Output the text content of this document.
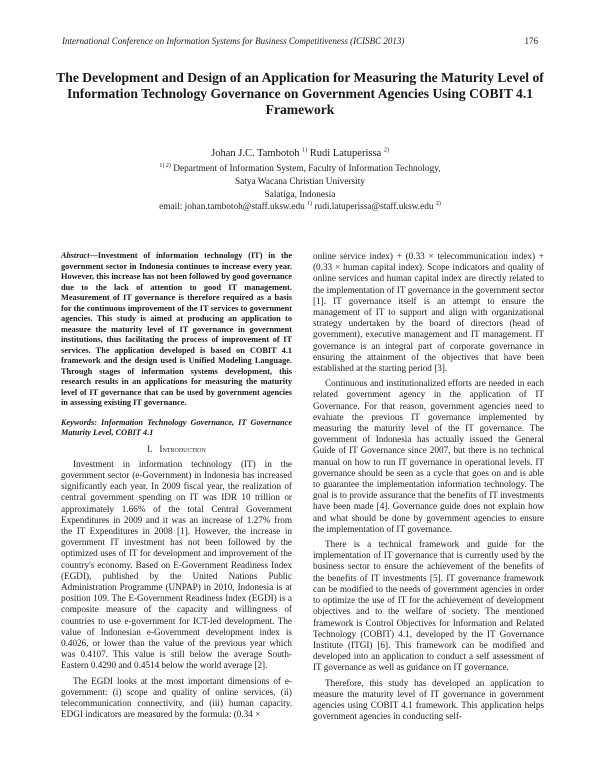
International Conference on Information Systems for Business Competitiveness (ICISBC 2013)	176
The Development and Design of an Application for Measuring the Maturity Level of Information Technology Governance on Government Agencies Using COBIT 4.1 Framework
Johan J.C. Tambotoh $^{1)}$ Rudi Latuperissa $^{2)}$
$^{1) 2)}$ Department of Information System, Faculty of Information Technology,
Satya Wacana Christian University
Salatiga, Indonesia
email: johan.tambotoh@staff.uksw.edu $^{1)}$ rudi.latuperissa@staff.uksw.edu $^{2)}$

Abstract—Investment of information technology (IT) in the government sector in Indonesia continues to increase every year. However, this increase has not been followed by good governance due to the lack of attention to good IT management. Measurement of IT governance is therefore required as a basis for the continuous improvement of the IT services to government agencies. This study is aimed at producing an application to measure the maturity level of IT governance in government institutions, thus facilitating the process of improvement of IT services. The application developed is based on COBIT 4.1 framework and the design used is Unified Modeling Language. Through stages of information systems development, this research results in an applications for measuring the maturity level of IT governance that can be used by government agencies in assessing existing IT governance.

Keywords: Information Technology Governance, IT Governance Maturity Level, COBIT 4.1

I. Introduction

Investment in information technology (IT) in the government sector (e-Government) in Indonesia has increased significantly each year. In 2009 fiscal year, the realization of central government spending on IT was IDR 10 trillion or approximately 1.66% of the total Central Government Expenditures in 2009 and it was an increase of 1.27% from the IT Expenditures in 2008 [1]. However, the increase in government IT investment has not been followed by the optimized uses of IT for development and improvement of the country's economy. Based on E-Government Readiness Index (EGDI), published by the United Nations Public Administration Programme (UNPAP) in 2010, Indonesia is at position 109. The E-Government Readiness Index (EGDI) is a composite measure of the capacity and willingness of countries to use e-government for ICT-led development. The value of Indonesian e-Government development index is 0.4026, or lower than the value of the previous year which was 0.4107. This value is still below the average South-Eastern 0.4290 and 0.4514 below the world average [2].

The EGDI looks at the most important dimensions of e-government: (i) scope and quality of online services, (ii) telecommunication connectivity, and (iii) human capacity. EDGI indicators are measured by the formula: (0.34 ×

online service index) + (0.33 × telecommunication index) + (0.33 × human capital index). Scope indicators and quality of online services and human capital index are directly related to the implementation of IT governance in the government sector [1]. IT governance itself is an attempt to ensure the management of IT to support and align with organizational strategy undertaken by the board of directors (head of government), executive management and IT management. IT governance is an integral part of corporate governance in ensuring the attainment of the objectives that have been established at the starting period [3].

Continuous and institutionalized efforts are needed in each related government agency in the application of IT Governance. For that reason, government agencies need to evaluate the previous IT governance implemented by measuring the maturity level of the IT governance. The government of Indonesia has actually issued the General Guide of IT Governance since 2007, but there is no technical manual on how to run IT governance in operational levels. IT governance should be seen as a cycle that goes on and is able to guarantee the implementation information technology. The goal is to provide assurance that the benefits of IT investments have been made [4]. Governance guide does not explain how and what should be done by government agencies to ensure the implementation of IT governance.

There is a technical framework and guide for the implementation of IT governance that is currently used by the business sector to ensure the achievement of the benefits of the benefits of IT investments [5]. IT governance framework can be modified to the needs of government agencies in order to optimize the use of IT for the achievement of development objectives and to the welfare of society. The mentioned framework is Control Objectives for Information and Related Technology (COBIT) 4.1, developed by the IT Governance Institute (ITGI) [6]. This framework can be modified and developed into an application to conduct a self assessment of IT governance as well as guidance on IT governance.

Therefore, this study has developed an application to measure the maturity level of IT governance in government agencies using COBIT 4.1 framework. This application helps government agencies in conducting self-
